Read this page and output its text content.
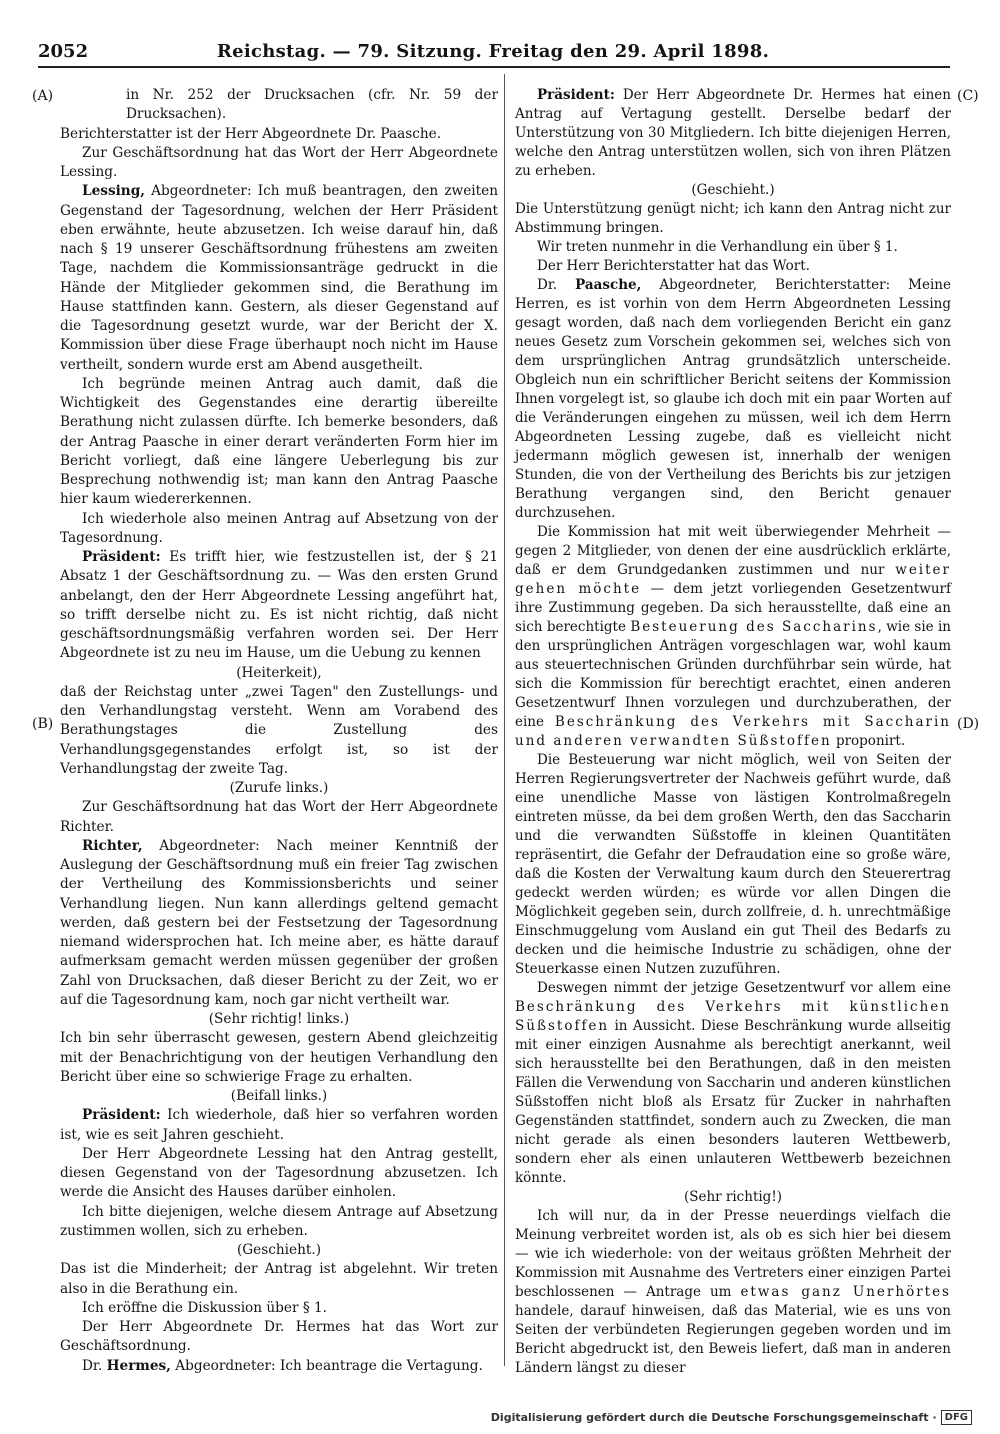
2052	Reichstag. — 79. Sitzung. Freitag den 29. April 1898.
(A)
(B)
(C)
(D)

in Nr. 252 der Drucksachen (cfr. Nr. 59 der Drucksachen).

Berichterstatter ist der Herr Abgeordnete Dr. Paasche.

Zur Geschäftsordnung hat das Wort der Herr Abgeordnete Lessing.

Lessing, Abgeordneter: Ich muß beantragen, den zweiten Gegenstand der Tagesordnung, welchen der Herr Präsident eben erwähnte, heute abzusetzen. Ich weise darauf hin, daß nach § 19 unserer Geschäftsordnung frühestens am zweiten Tage, nachdem die Kommissionsanträge gedruckt in die Hände der Mitglieder gekommen sind, die Berathung im Hause stattfinden kann. Gestern, als dieser Gegenstand auf die Tagesordnung gesetzt wurde, war der Bericht der X. Kommission über diese Frage überhaupt noch nicht im Hause vertheilt, sondern wurde erst am Abend ausgetheilt.

Ich begründe meinen Antrag auch damit, daß die Wichtigkeit des Gegenstandes eine derartig übereilte Berathung nicht zulassen dürfte. Ich bemerke besonders, daß der Antrag Paasche in einer derart veränderten Form hier im Bericht vorliegt, daß eine längere Ueberlegung bis zur Besprechung nothwendig ist; man kann den Antrag Paasche hier kaum wiedererkennen.

Ich wiederhole also meinen Antrag auf Absetzung von der Tagesordnung.

Präsident: Es trifft hier, wie festzustellen ist, der § 21 Absatz 1 der Geschäftsordnung zu. — Was den ersten Grund anbelangt, den der Herr Abgeordnete Lessing angeführt hat, so trifft derselbe nicht zu. Es ist nicht richtig, daß nicht geschäftsordnungsmäßig verfahren worden sei. Der Herr Abgeordnete ist zu neu im Hause, um die Uebung zu kennen

(Heiterkeit),

daß der Reichstag unter „zwei Tagen" den Zustellungs- und den Verhandlungstag versteht. Wenn am Vorabend des Berathungstages die Zustellung des Verhandlungsgegenstandes erfolgt ist, so ist der Verhandlungstag der zweite Tag.

(Zurufe links.)

Zur Geschäftsordnung hat das Wort der Herr Abgeordnete Richter.

Richter, Abgeordneter: Nach meiner Kenntniß der Auslegung der Geschäftsordnung muß ein freier Tag zwischen der Vertheilung des Kommissionsberichts und seiner Verhandlung liegen. Nun kann allerdings geltend gemacht werden, daß gestern bei der Festsetzung der Tagesordnung niemand widersprochen hat. Ich meine aber, es hätte darauf aufmerksam gemacht werden müssen gegenüber der großen Zahl von Drucksachen, daß dieser Bericht zu der Zeit, wo er auf die Tagesordnung kam, noch gar nicht vertheilt war.

(Sehr richtig! links.)

Ich bin sehr überrascht gewesen, gestern Abend gleichzeitig mit der Benachrichtigung von der heutigen Verhandlung den Bericht über eine so schwierige Frage zu erhalten.

(Beifall links.)

Präsident: Ich wiederhole, daß hier so verfahren worden ist, wie es seit Jahren geschieht.

Der Herr Abgeordnete Lessing hat den Antrag gestellt, diesen Gegenstand von der Tagesordnung abzusetzen. Ich werde die Ansicht des Hauses darüber einholen.

Ich bitte diejenigen, welche diesem Antrage auf Absetzung zustimmen wollen, sich zu erheben.

(Geschieht.)

Das ist die Minderheit; der Antrag ist abgelehnt. Wir treten also in die Berathung ein.

Ich eröffne die Diskussion über § 1.

Der Herr Abgeordnete Dr. Hermes hat das Wort zur Geschäftsordnung.

Dr. Hermes, Abgeordneter: Ich beantrage die Vertagung.

Präsident: Der Herr Abgeordnete Dr. Hermes hat einen Antrag auf Vertagung gestellt. Derselbe bedarf der Unterstützung von 30 Mitgliedern. Ich bitte diejenigen Herren, welche den Antrag unterstützen wollen, sich von ihren Plätzen zu erheben.

(Geschieht.)

Die Unterstützung genügt nicht; ich kann den Antrag nicht zur Abstimmung bringen.

Wir treten nunmehr in die Verhandlung ein über § 1.

Der Herr Berichterstatter hat das Wort.

Dr. Paasche, Abgeordneter, Berichterstatter: Meine Herren, es ist vorhin von dem Herrn Abgeordneten Lessing gesagt worden, daß nach dem vorliegenden Bericht ein ganz neues Gesetz zum Vorschein gekommen sei, welches sich von dem ursprünglichen Antrag grundsätzlich unterscheide. Obgleich nun ein schriftlicher Bericht seitens der Kommission Ihnen vorgelegt ist, so glaube ich doch mit ein paar Worten auf die Veränderungen eingehen zu müssen, weil ich dem Herrn Abgeordneten Lessing zugebe, daß es vielleicht nicht jedermann möglich gewesen ist, innerhalb der wenigen Stunden, die von der Vertheilung des Berichts bis zur jetzigen Berathung vergangen sind, den Bericht genauer durchzusehen.

Die Kommission hat mit weit überwiegender Mehrheit — gegen 2 Mitglieder, von denen der eine ausdrücklich erklärte, daß er dem Grundgedanken zustimmen und nur weiter gehen möchte — dem jetzt vorliegenden Gesetzentwurf ihre Zustimmung gegeben. Da sich herausstellte, daß eine an sich berechtigte Besteuerung des Saccharins, wie sie in den ursprünglichen Anträgen vorgeschlagen war, wohl kaum aus steuertechnischen Gründen durchführbar sein würde, hat sich die Kommission für berechtigt erachtet, einen anderen Gesetzentwurf Ihnen vorzulegen und durchzuberathen, der eine Beschränkung des Verkehrs mit Saccharin und anderen verwandten Süßstoffen proponirt.

Die Besteuerung war nicht möglich, weil von Seiten der Herren Regierungsvertreter der Nachweis geführt wurde, daß eine unendliche Masse von lästigen Kontrolmaßregeln eintreten müsse, da bei dem großen Werth, den das Saccharin und die verwandten Süßstoffe in kleinen Quantitäten repräsentirt, die Gefahr der Defraudation eine so große wäre, daß die Kosten der Verwaltung kaum durch den Steuerertrag gedeckt werden würden; es würde vor allen Dingen die Möglichkeit gegeben sein, durch zollfreie, d. h. unrechtmäßige Einschmuggelung vom Ausland ein gut Theil des Bedarfs zu decken und die heimische Industrie zu schädigen, ohne der Steuerkasse einen Nutzen zuzuführen.

Deswegen nimmt der jetzige Gesetzentwurf vor allem eine Beschränkung des Verkehrs mit künstlichen Süßstoffen in Aussicht. Diese Beschränkung wurde allseitig mit einer einzigen Ausnahme als berechtigt anerkannt, weil sich herausstellte bei den Berathungen, daß in den meisten Fällen die Verwendung von Saccharin und anderen künstlichen Süßstoffen nicht bloß als Ersatz für Zucker in nahrhaften Gegenständen stattfindet, sondern auch zu Zwecken, die man nicht gerade als einen besonders lauteren Wettbewerb, sondern eher als einen unlauteren Wettbewerb bezeichnen könnte.

(Sehr richtig!)

Ich will nur, da in der Presse neuerdings vielfach die Meinung verbreitet worden ist, als ob es sich hier bei diesem — wie ich wiederhole: von der weitaus größten Mehrheit der Kommission mit Ausnahme des Vertreters einer einzigen Partei beschlossenen — Antrage um etwas ganz Unerhörtes handele, darauf hinweisen, daß das Material, wie es uns von Seiten der verbündeten Regierungen gegeben worden und im Bericht abgedruckt ist, den Beweis liefert, daß man in anderen Ländern längst zu dieser

Digitalisierung gefördert durch die Deutsche Forschungsgemeinschaft · DFG
